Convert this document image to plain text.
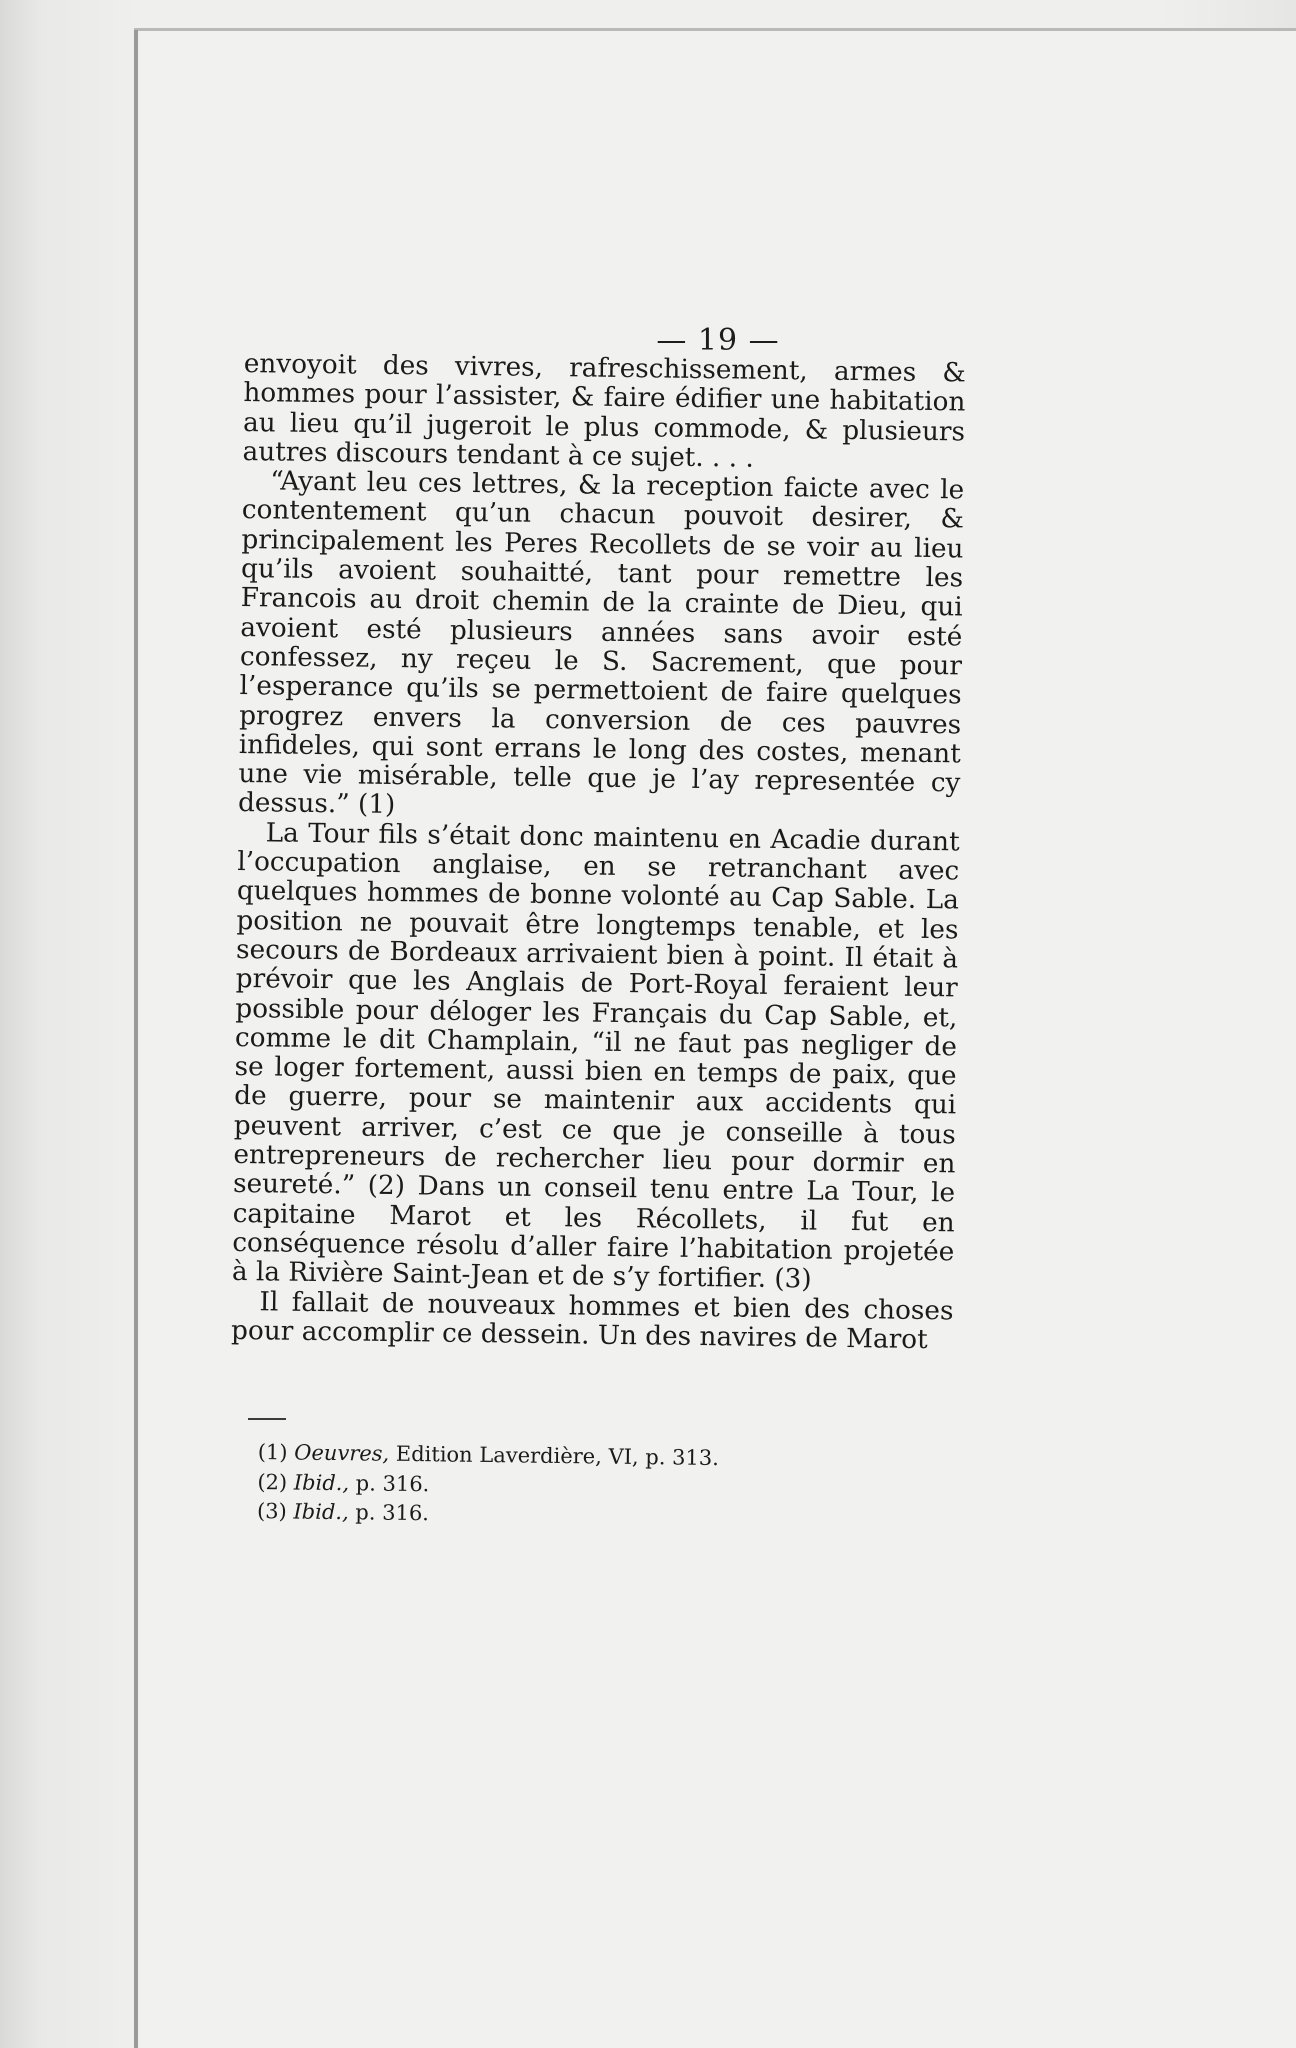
— 19 —

envoyoit des vivres, rafreschissement, armes & hommes pour l’assister, & faire édifier une habitation au lieu qu’il jugeroit le plus commode, & plusieurs autres discours tendant à ce sujet. . . .

“Ayant leu ces lettres, & la reception faicte avec le contentement qu’un chacun pouvoit desirer, & principalement les Peres Recollets de se voir au lieu qu’ils avoient souhaitté, tant pour remettre les Francois au droit chemin de la crainte de Dieu, qui avoient esté plusieurs années sans avoir esté confessez, ny reçeu le S. Sacrement, que pour l’esperance qu’ils se permettoient de faire quelques progrez envers la conversion de ces pauvres infideles, qui sont errans le long des costes, menant une vie misérable, telle que je l’ay representée cy dessus.” (1)

La Tour fils s’était donc maintenu en Acadie durant l’occupation anglaise, en se retranchant avec quelques hommes de bonne volonté au Cap Sable. La position ne pouvait être longtemps tenable, et les secours de Bordeaux arrivaient bien à point. Il était à prévoir que les Anglais de Port-Royal feraient leur possible pour déloger les Français du Cap Sable, et, comme le dit Champlain, “il ne faut pas negliger de se loger fortement, aussi bien en temps de paix, que de guerre, pour se maintenir aux accidents qui peuvent arriver, c’est ce que je conseille à tous entrepreneurs de rechercher lieu pour dormir en seureté.” (2) Dans un conseil tenu entre La Tour, le capitaine Marot et les Récollets, il fut en conséquence résolu d’aller faire l’habitation projetée à la Rivière Saint-Jean et de s’y fortifier. (3)

Il fallait de nouveaux hommes et bien des choses pour accomplir ce dessein. Un des navires de Marot

(1) Oeuvres, Edition Laverdière, VI, p. 313.
(2) Ibid., p. 316.
(3) Ibid., p. 316.
